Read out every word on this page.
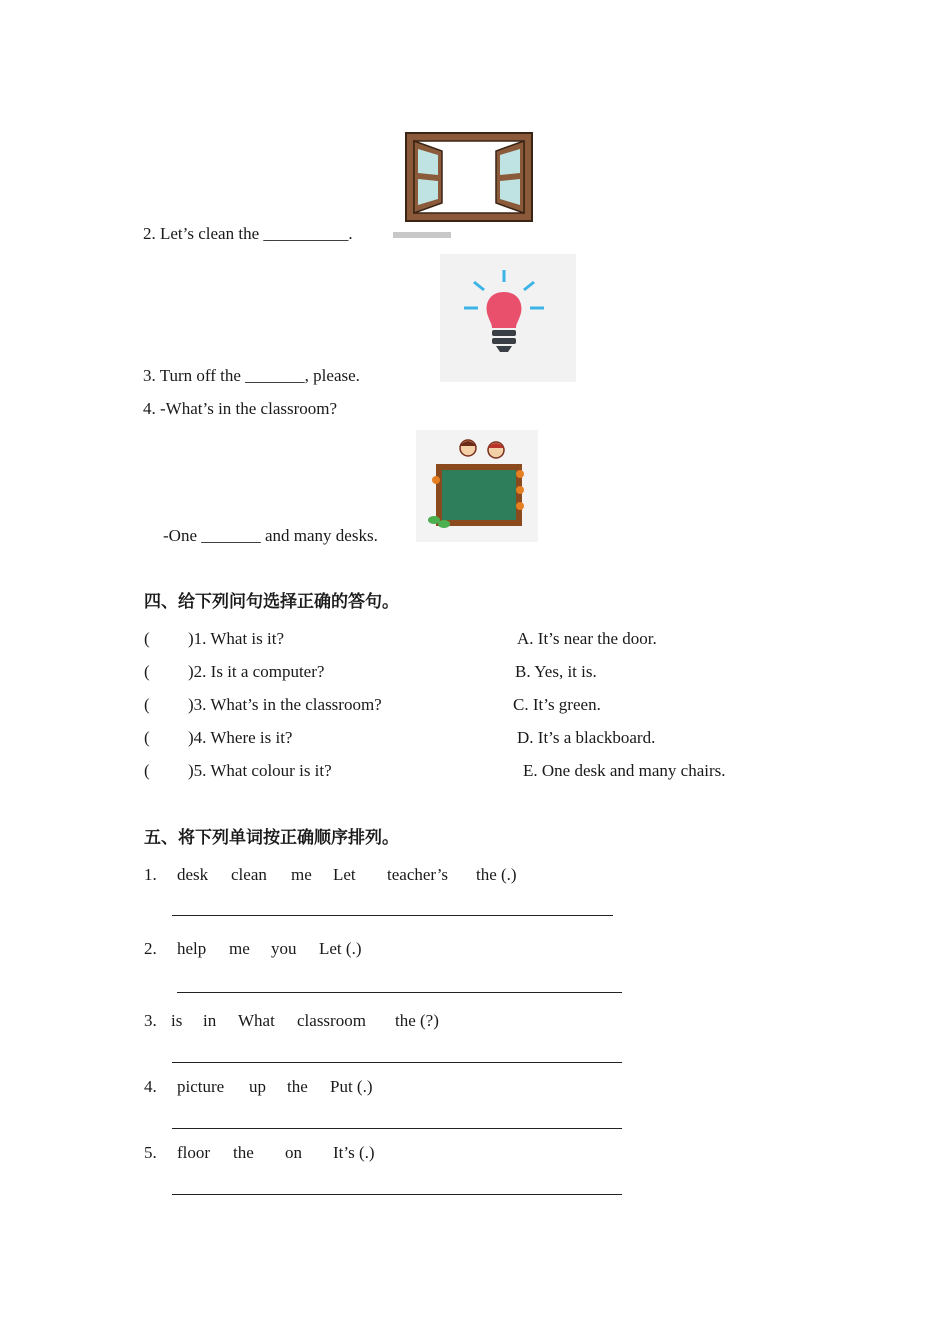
2. Let’s clean the __________.
3. Turn off the _______, please.
4. -What’s in the classroom?
-One _______ and many desks.
四、给下列问句选择正确的答句。
( )1. What is it?	A. It’s near the door.
( )2. Is it a computer?	B. Yes, it is.
( )3. What’s in the classroom?	C. It’s green.
( )4. Where is it?	D. It’s a blackboard.
( )5. What colour is it?	E. One desk and many chairs.
五、将下列单词按正确顺序排列。
1. desk clean me Let teacher’s the (.)
2. help me you Let (.)
3. is in What classroom the (?)
4. picture up the Put (.)
5. floor the on It’s (.)
